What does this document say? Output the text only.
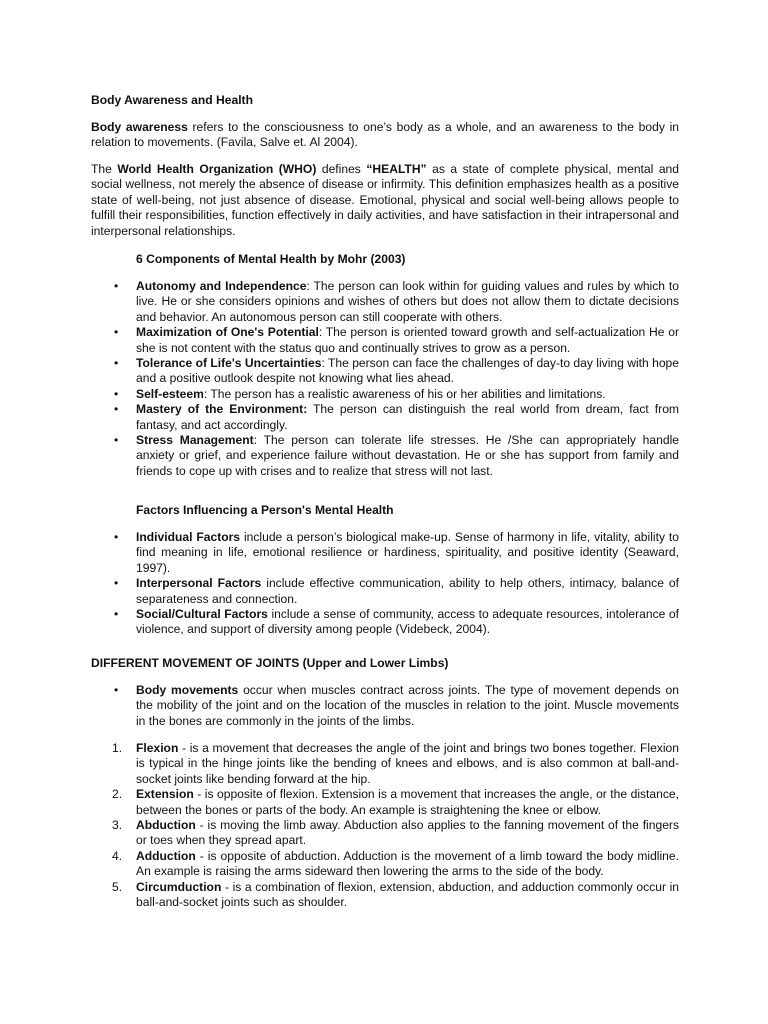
Body Awareness and Health

Body awareness refers to the consciousness to one’s body as a whole, and an awareness to the body in relation to movements. (Favila, Salve et. Al 2004).

The World Health Organization (WHO) defines “HEALTH” as a state of complete physical, mental and social wellness, not merely the absence of disease or infirmity. This definition emphasizes health as a positive state of well-being, not just absence of disease. Emotional, physical and social well-being allows people to fulfill their responsibilities, function effectively in daily activities, and have satisfaction in their intrapersonal and interpersonal relationships.

6 Components of Mental Health by Mohr (2003)
• Autonomy and Independence: The person can look within for guiding values and rules by which to live. He or she considers opinions and wishes of others but does not allow them to dictate decisions and behavior. An autonomous person can still cooperate with others.
• Maximization of One's Potential: The person is oriented toward growth and self-actualization He or she is not content with the status quo and continually strives to grow as a person.
• Tolerance of Life's Uncertainties: The person can face the challenges of day-to day living with hope and a positive outlook despite not knowing what lies ahead.
• Self-esteem: The person has a realistic awareness of his or her abilities and limitations.
• Mastery of the Environment: The person can distinguish the real world from dream, fact from fantasy, and act accordingly.
• Stress Management: The person can tolerate life stresses. He /She can appropriately handle anxiety or grief, and experience failure without devastation. He or she has support from family and friends to cope up with crises and to realize that stress will not last.
Factors Influencing a Person's Mental Health
• Individual Factors include a person’s biological make-up. Sense of harmony in life, vitality, ability to find meaning in life, emotional resilience or hardiness, spirituality, and positive identity (Seaward, 1997).
• Interpersonal Factors include effective communication, ability to help others, intimacy, balance of separateness and connection.
• Social/Cultural Factors include a sense of community, access to adequate resources, intolerance of violence, and support of diversity among people (Videbeck, 2004).
DIFFERENT MOVEMENT OF JOINTS (Upper and Lower Limbs)
• Body movements occur when muscles contract across joints. The type of movement depends on the mobility of the joint and on the location of the muscles in relation to the joint. Muscle movements in the bones are commonly in the joints of the limbs.
1. Flexion - is a movement that decreases the angle of the joint and brings two bones together. Flexion is typical in the hinge joints like the bending of knees and elbows, and is also common at ball-and-socket joints like bending forward at the hip.
2. Extension - is opposite of flexion. Extension is a movement that increases the angle, or the distance, between the bones or parts of the body. An example is straightening the knee or elbow.
3. Abduction - is moving the limb away. Abduction also applies to the fanning movement of the fingers or toes when they spread apart.
4. Adduction - is opposite of abduction. Adduction is the movement of a limb toward the body midline. An example is raising the arms sideward then lowering the arms to the side of the body.
5. Circumduction - is a combination of flexion, extension, abduction, and adduction commonly occur in ball-and-socket joints such as shoulder.
